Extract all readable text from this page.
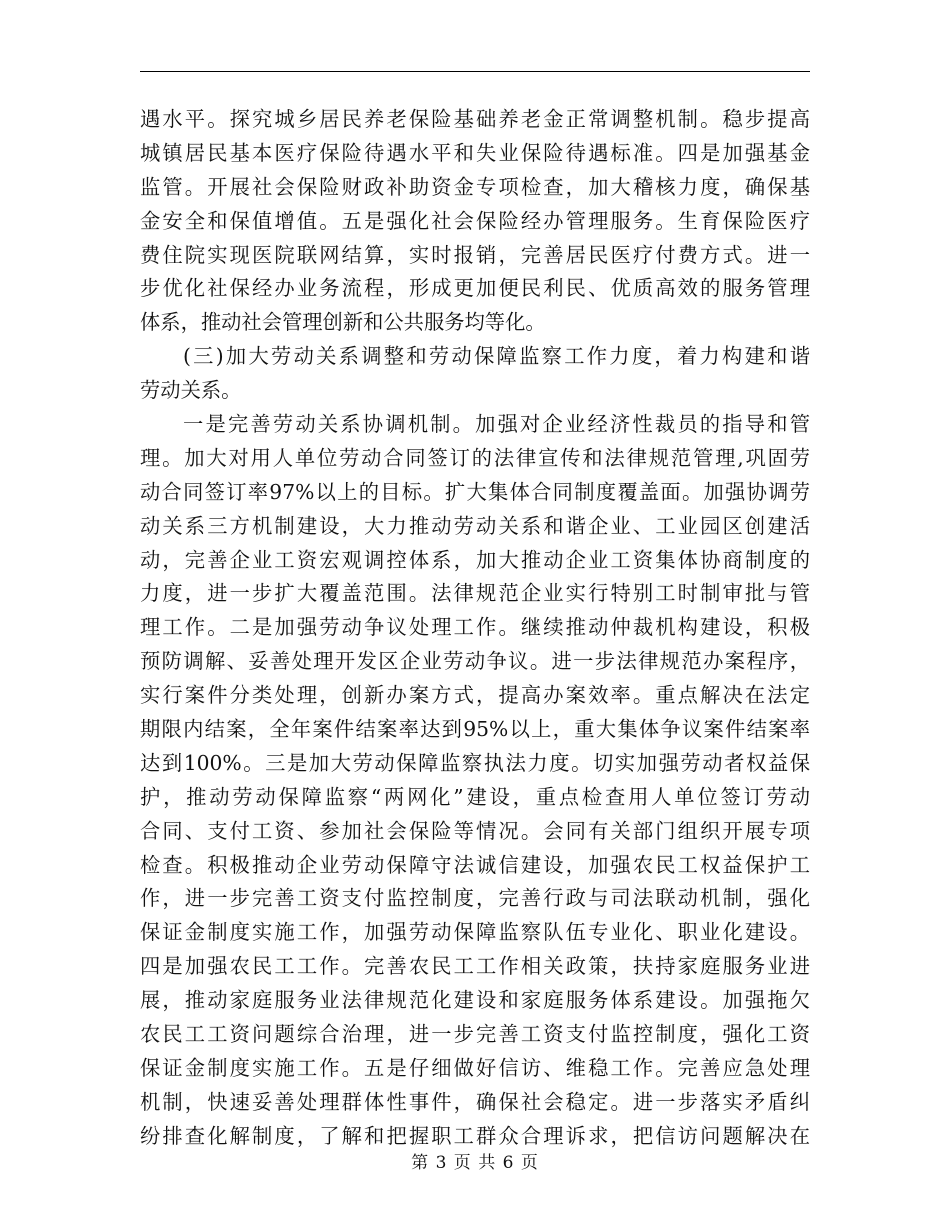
遇水平。探究城乡居民养老保险基础养老金正常调整机制。稳步提高
城镇居民基本医疗保险待遇水平和失业保险待遇标准。四是加强基金
监管。开展社会保险财政补助资金专项检查，加大稽核力度，确保基
金安全和保值增值。五是强化社会保险经办管理服务。生育保险医疗
费住院实现医院联网结算，实时报销，完善居民医疗付费方式。进一
步优化社保经办业务流程，形成更加便民利民、优质高效的服务管理
体系，推动社会管理创新和公共服务均等化。
(三)加大劳动关系调整和劳动保障监察工作力度，着力构建和谐
劳动关系。
一是完善劳动关系协调机制。加强对企业经济性裁员的指导和管
理。加大对用人单位劳动合同签订的法律宣传和法律规范管理,巩固劳
动合同签订率97%以上的目标。扩大集体合同制度覆盖面。加强协调劳
动关系三方机制建设，大力推动劳动关系和谐企业、工业园区创建活
动，完善企业工资宏观调控体系，加大推动企业工资集体协商制度的
力度，进一步扩大覆盖范围。法律规范企业实行特别工时制审批与管
理工作。二是加强劳动争议处理工作。继续推动仲裁机构建设，积极
预防调解、妥善处理开发区企业劳动争议。进一步法律规范办案程序，
实行案件分类处理，创新办案方式，提高办案效率。重点解决在法定
期限内结案，全年案件结案率达到95%以上，重大集体争议案件结案率
达到100%。三是加大劳动保障监察执法力度。切实加强劳动者权益保
护，推动劳动保障监察“两网化”建设，重点检查用人单位签订劳动
合同、支付工资、参加社会保险等情况。会同有关部门组织开展专项
检查。积极推动企业劳动保障守法诚信建设，加强农民工权益保护工
作，进一步完善工资支付监控制度，完善行政与司法联动机制，强化
保证金制度实施工作，加强劳动保障监察队伍专业化、职业化建设。
四是加强农民工工作。完善农民工工作相关政策，扶持家庭服务业进
展，推动家庭服务业法律规范化建设和家庭服务体系建设。加强拖欠
农民工工资问题综合治理，进一步完善工资支付监控制度，强化工资
保证金制度实施工作。五是仔细做好信访、维稳工作。完善应急处理
机制，快速妥善处理群体性事件，确保社会稳定。进一步落实矛盾纠
纷排查化解制度，了解和把握职工群众合理诉求，把信访问题解决在
第 3 页 共 6 页
